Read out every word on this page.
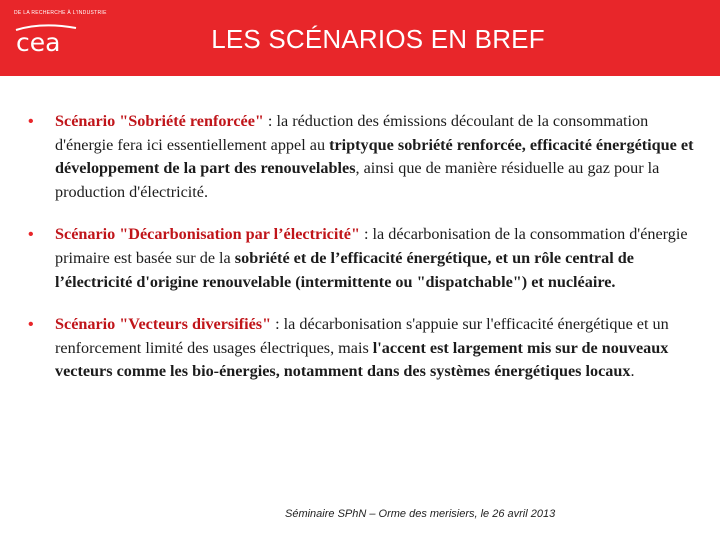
DE LA RECHERCHE À L'INDUSTRIE
cea	LES SCÉNARIOS EN BREF
• Scénario "Sobriété renforcée" : la réduction des émissions découlant de la consommation d'énergie fera ici essentiellement appel au triptyque sobriété renforcée, efficacité énergétique et développement de la part des renouvelables, ainsi que de manière résiduelle au gaz pour la production d'électricité.
• Scénario "Décarbonisation par l’électricité" : la décarbonisation de la consommation d'énergie primaire est basée sur de la sobriété et de l’efficacité énergétique, et un rôle central de l’électricité d'origine renouvelable (intermittente ou "dispatchable") et nucléaire.
• Scénario "Vecteurs diversifiés" : la décarbonisation s'appuie sur l'efficacité énergétique et un renforcement limité des usages électriques, mais l'accent est largement mis sur de nouveaux vecteurs comme les bio-énergies, notamment dans des systèmes énergétiques locaux.
Séminaire SPhN – Orme des merisiers, le 26 avril 2013
